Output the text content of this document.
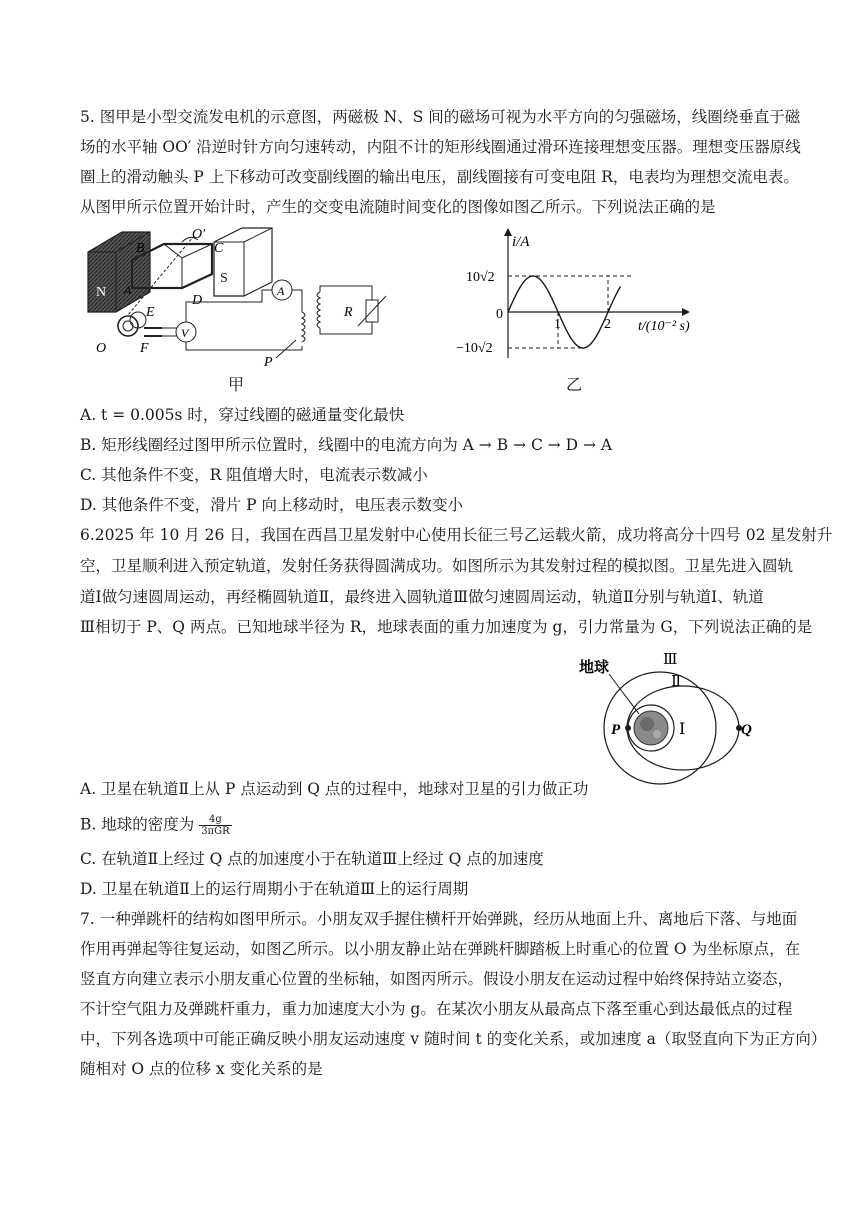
5. 图甲是小型交流发电机的示意图，两磁极 N、S 间的磁场可视为水平方向的匀强磁场，线圈绕垂直于磁
场的水平轴 OO′ 沿逆时针方向匀速转动，内阻不计的矩形线圈通过滑环连接理想变压器。理想变压器原线
圈上的滑动触头 P 上下移动可改变副线圈的输出电压，副线圈接有可变电阻 R，电表均为理想交流电表。
从图甲所示位置开始计时，产生的交变电流随时间变化的图像如图乙所示。下列说法正确的是
N
S
B
O′
C
A
D
E
F
O
V
A
P
R
甲
i/A
t/(10⁻² s)
10√2
0
−10√2
1	2
乙
A. t = 0.005s 时，穿过线圈的磁通量变化最快
B. 矩形线圈经过图甲所示位置时，线圈中的电流方向为 A → B → C → D → A
C. 其他条件不变，R 阻值增大时，电流表示数减小
D. 其他条件不变，滑片 P 向上移动时，电压表示数变小
6.2025 年 10 月 26 日，我国在西昌卫星发射中心使用长征三号乙运载火箭，成功将高分十四号 02 星发射升
空，卫星顺利进入预定轨道，发射任务获得圆满成功。如图所示为其发射过程的模拟图。卫星先进入圆轨
道Ⅰ做匀速圆周运动，再经椭圆轨道Ⅱ，最终进入圆轨道Ⅲ做匀速圆周运动，轨道Ⅱ分别与轨道Ⅰ、轨道
Ⅲ相切于 P、Q 两点。已知地球半径为 R，地球表面的重力加速度为 g，引力常量为 G，下列说法正确的是
地球	Ⅲ
Ⅱ
Ⅰ
P	Q
A. 卫星在轨道Ⅱ上从 P 点运动到 Q 点的过程中，地球对卫星的引力做正功
B. 地球的密度为 $\frac{4g}{\text{3πGR}}$
C. 在轨道Ⅱ上经过 Q 点的加速度小于在轨道Ⅲ上经过 Q 点的加速度
D. 卫星在轨道Ⅱ上的运行周期小于在轨道Ⅲ上的运行周期
7. 一种弹跳杆的结构如图甲所示。小朋友双手握住横杆开始弹跳，经历从地面上升、离地后下落、与地面
作用再弹起等往复运动，如图乙所示。以小朋友静止站在弹跳杆脚踏板上时重心的位置 O 为坐标原点，在
竖直方向建立表示小朋友重心位置的坐标轴，如图丙所示。假设小朋友在运动过程中始终保持站立姿态，
不计空气阻力及弹跳杆重力，重力加速度大小为 g。在某次小朋友从最高点下落至重心到达最低点的过程
中，下列各选项中可能正确反映小朋友运动速度 v 随时间 t 的变化关系，或加速度 a（取竖直向下为正方向）
随相对 O 点的位移 x 变化关系的是
